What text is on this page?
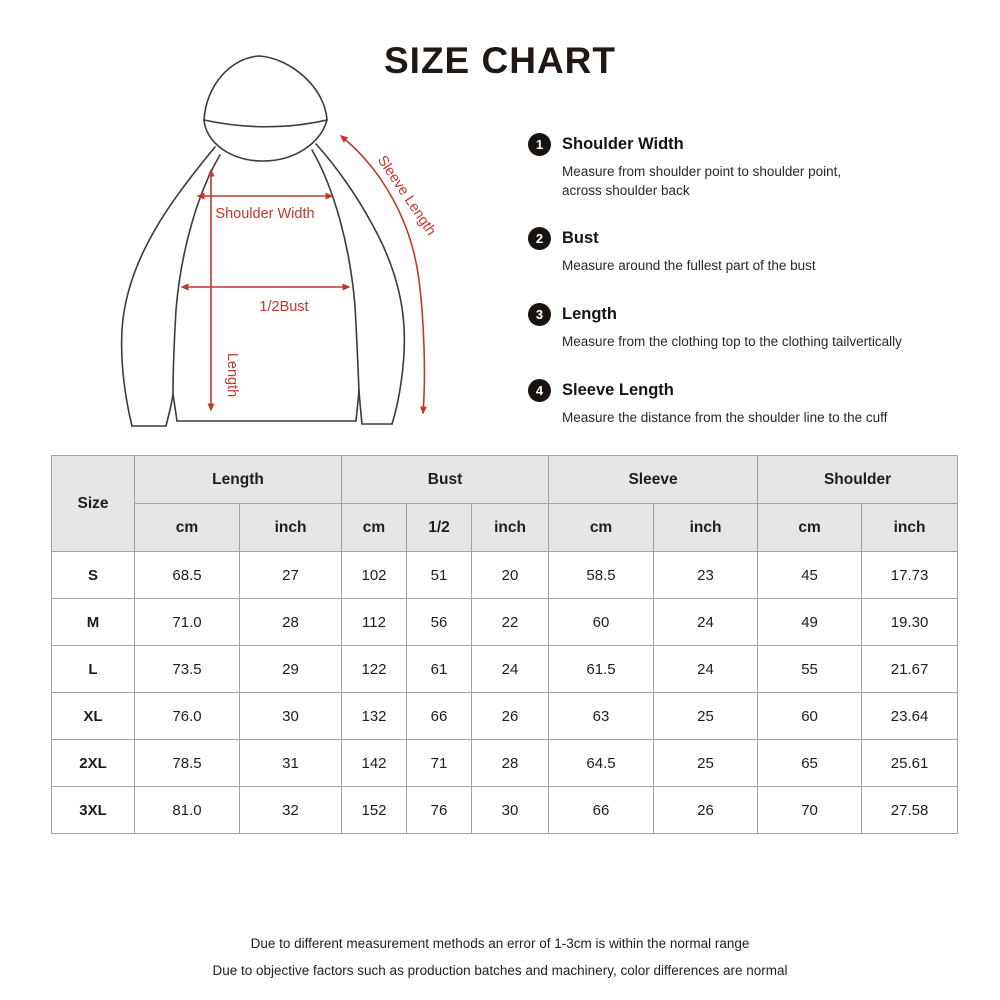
SIZE CHART
Shoulder Width
1/2Bust
Length
Sleeve Length
1	Shoulder Width
Measure from shoulder point to shoulder point,
across shoulder back
2	Bust
Measure around the fullest part of the bust
3	Length
Measure from the clothing top to the clothing tailvertically
4	Sleeve Length
Measure the distance from the shoulder line to the cuff
Size	Length		Bust			Sleeve		Shoulder	
	cm	inch	cm	1/2	inch	cm	inch	cm	inch
S	68.5	27	102	51	20	58.5	23	45	17.73
M	71.0	28	112	56	22	60	24	49	19.30
L	73.5	29	122	61	24	61.5	24	55	21.67
XL	76.0	30	132	66	26	63	25	60	23.64
2XL	78.5	31	142	71	28	64.5	25	65	25.61
3XL	81.0	32	152	76	30	66	26	70	27.58
Due to different measurement methods an error of 1-3cm is within the normal range
Due to objective factors such as production batches and machinery, color differences are normal
